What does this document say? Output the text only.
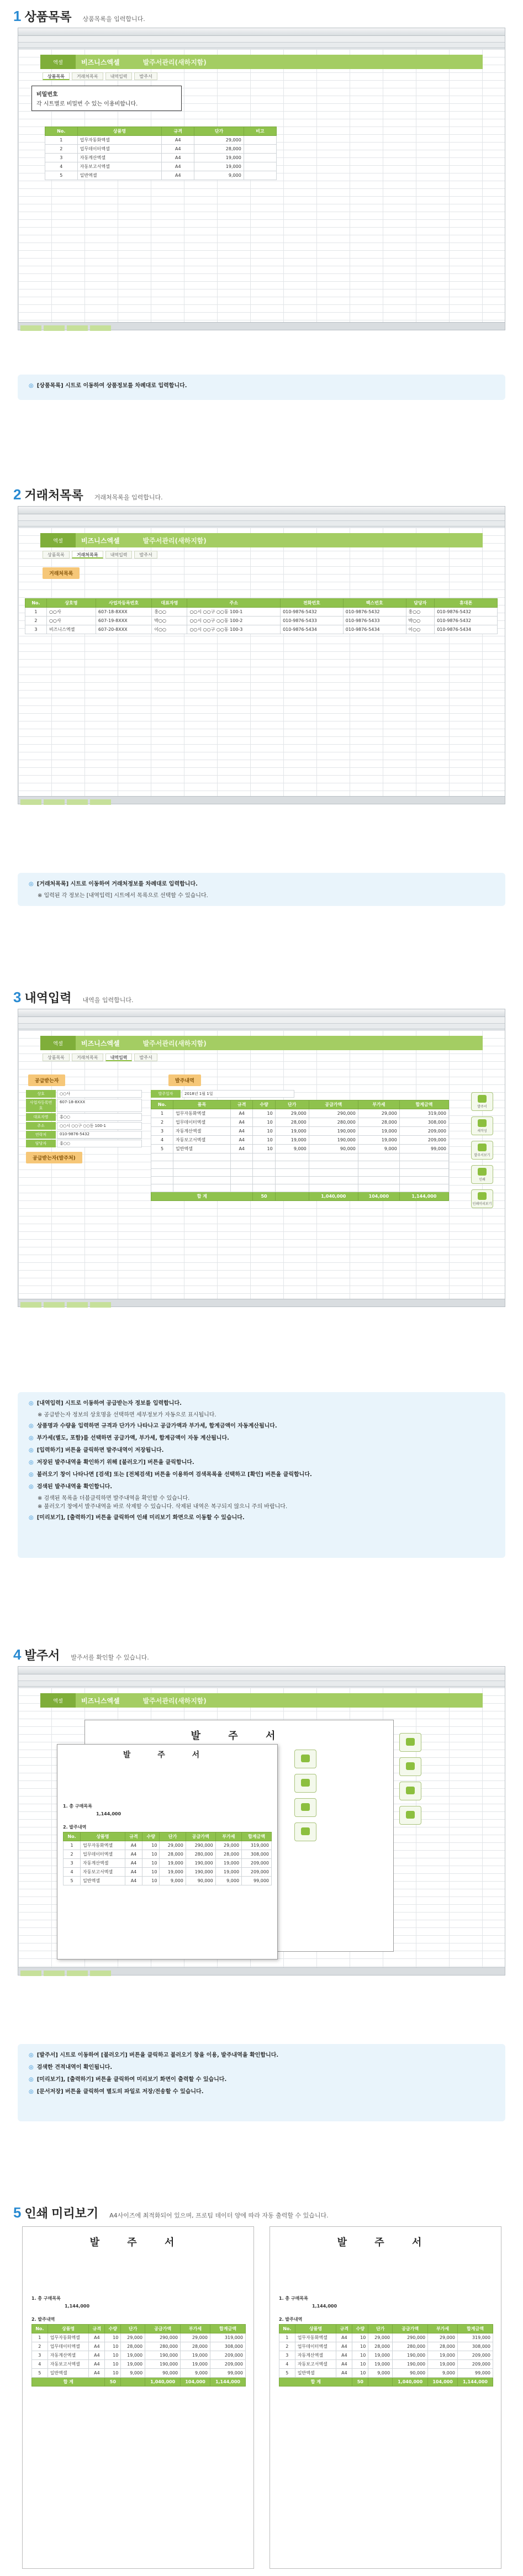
1 상품목록 상품목록을 입력합니다.
엑셀	비즈니스엑셀	발주서관리(새하지함)
상품목록	거래처목록	내역입력	발주서
비밀번호
각 시트별로 비밀번 수 있는 이용비합니다.
No.	상품명	규격	단가	비고
1	업무자동화엑셀	A4	29,000	
2	업무데이터엑셀	A4	28,000	
3	자동계산엑셀	A4	19,000	
4	자동보고서엑셀	A4	19,000	
5	일반엑셀	A4	9,000	
◎ [상품목록] 시트로 이동하여 상품정보를 차례대로 입력합니다.
2 거래처목록 거래처목록을 입력합니다.
엑셀	비즈니스엑셀	발주서관리(새하지함)
상품목록	거래처목록	내역입력	발주서
거래처목록
No.	상호명	사업자등록번호	대표자명	주소	전화번호	팩스번호	담당자	휴대폰
1	○○사	607-18-8XXX	홍○○	○○시 ○○구 ○○동 100-1	010-9876-5432	010-9876-5432	홍○○	010-9876-5432
2	○○사	607-19-8XXX	박○○	○○시 ○○구 ○○동 100-2	010-9876-5433	010-9876-5433	박○○	010-9876-5432
3	비즈니스엑셀	607-20-8XXX	이○○	○○시 ○○구 ○○동 100-3	010-9876-5434	010-9876-5434	이○○	010-9876-5434
◎ [거래처목록] 시트로 이동하여 거래처정보를 차례대로 입력합니다.
※ 입력된 각 정보는 [내역입력] 시트에서 목록으로 선택할 수 있습니다.
3 내역입력 내역을 입력합니다.
엑셀	비즈니스엑셀	발주서관리(새하지함)
상품목록	거래처목록	내역입력	발주서
공급받는자	발주내역
상호	○○사
사업자등록번호
607-18-8XXX
대표자명	홍○○
주소	○○시 ○○구 ○○동 100-1
연락처	010-9876-5432
담당자	홍○○
공급받는자(발주처)
발주일자	2018년 1월 1일
No.	품목	규격	수량	단가	공급가액	부가세	합계금액
1	업무자동화엑셀	A4	10	29,000	290,000	29,000	319,000
2	업무데이터엑셀	A4	10	28,000	280,000	28,000	308,000
3	자동계산엑셀	A4	10	19,000	190,000	19,000	209,000
4	자동보고서엑셀	A4	10	19,000	190,000	19,000	209,000
5	일반엑셀	A4	10	9,000	90,000	9,000	99,000

합 계			50		1,040,000	104,000	1,144,000
발주서
새작성
발주서보기
인쇄
인쇄미리보기
◎ [내역입력] 시트로 이동하여 공급받는자 정보를 입력합니다.
※ 공급받는자 정보의 상호명을 선택하면 세부정보가 자동으로 표시됩니다.
◎ 상품명과 수량을 입력하면 규격과 단가가 나타나고 공급가액과 부가세, 합계금액이 자동계산됩니다.
◎ 부가세(별도, 포함)를 선택하면 공급가액, 부가세, 합계금액이 자동 계산됩니다.
◎ [입력하기] 버튼을 클릭하면 발주내역이 저장됩니다.
◎ 저장된 발주내역을 확인하기 위해 [불러오기] 버튼을 클릭합니다.
◎ 불러오기 창이 나타나면 [검색] 또는 [전체검색] 버튼을 이용하여 검색목록을 선택하고 [확인] 버튼을 클릭합니다.
◎ 검색된 발주내역을 확인합니다.
※ 검색된 목록을 더블클릭하면 발주내역을 확인할 수 있습니다.
※ 불러오기 창에서 발주내역을 바로 삭제할 수 있습니다. 삭제된 내역은 복구되지 않으니 주의 바랍니다.
◎ [미리보기], [출력하기] 버튼을 클릭하여 인쇄 미리보기 화면으로 이동할 수 있습니다.
4 발주서 발주서를 확인할 수 있습니다.
엑셀	비즈니스엑셀	발주서관리(새하지함)
발 주 서
발 주 서
1. 총 구매목록
1,144,000
2. 발주내역
No.	상품명	규격	수량	단가	공급가액	부가세	합계금액
1	업무자동화엑셀	A4	10	29,000	290,000	29,000	319,000
2	업무데이터엑셀	A4	10	28,000	280,000	28,000	308,000
3	자동계산엑셀	A4	10	19,000	190,000	19,000	209,000
4	자동보고서엑셀	A4	10	19,000	190,000	19,000	209,000
5	일반엑셀	A4	10	9,000	90,000	9,000	99,000
◎ [발주서] 시트로 이동하여 [불러오기] 버튼을 클릭하고 불러오기 창을 이용, 발주내역을 확인합니다.
◎ 검색한 견적내역이 확인됩니다.
◎ [미리보기], [출력하기] 버튼을 클릭하여 미리보기 화면이 출력할 수 있습니다.
◎ [문서저장] 버튼을 클릭하여 별도의 파일로 저장/전송할 수 있습니다.
5 인쇄 미리보기 A4사이즈에 최적화되어 있으며, 프로팀 데이터 양에 따라 자동 출력할 수 있습니다.
발 주 서
1. 총 구매목록
1,144,000
2. 발주내역
No.	상품명	규격	수량	단가	공급가액	부가세	합계금액
1	업무자동화엑셀	A4	10	29,000	290,000	29,000	319,000
2	업무데이터엑셀	A4	10	28,000	280,000	28,000	308,000
3	자동계산엑셀	A4	10	19,000	190,000	19,000	209,000
4	자동보고서엑셀	A4	10	19,000	190,000	19,000	209,000
5	일반엑셀	A4	10	9,000	90,000	9,000	99,000
합 계			50		1,040,000	104,000	1,144,000
발 주 서
1. 총 구매목록
1,144,000
2. 발주내역
No.	상품명	규격	수량	단가	공급가액	부가세	합계금액
1	업무자동화엑셀	A4	10	29,000	290,000	29,000	319,000
2	업무데이터엑셀	A4	10	28,000	280,000	28,000	308,000
3	자동계산엑셀	A4	10	19,000	190,000	19,000	209,000
4	자동보고서엑셀	A4	10	19,000	190,000	19,000	209,000
5	일반엑셀	A4	10	9,000	90,000	9,000	99,000
합 계			50		1,040,000	104,000	1,144,000
